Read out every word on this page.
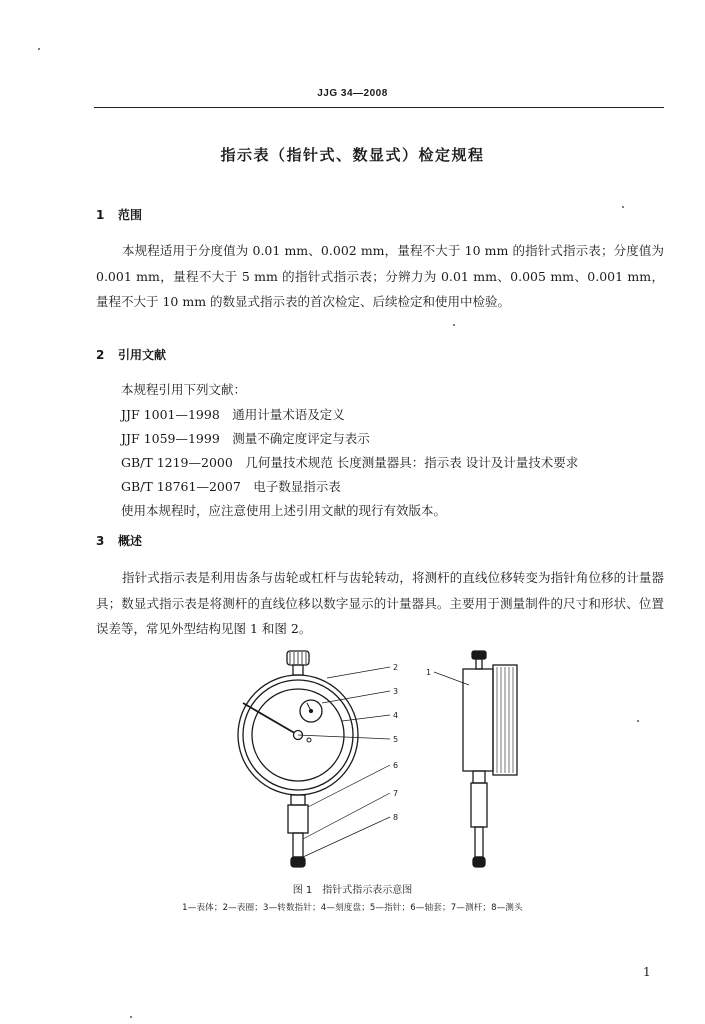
JJG 34—2008
指示表（指针式、数显式）检定规程
1 范围

本规程适用于分度值为 0.01 mm、0.002 mm，量程不大于 10 mm 的指针式指示表；分度值为 0.001 mm，量程不大于 5 mm 的指针式指示表；分辨力为 0.01 mm、0.005 mm、0.001 mm，量程不大于 10 mm 的数显式指示表的首次检定、后续检定和使用中检验。

2 引用文献
本规程引用下列文献：
JJF 1001—1998　通用计量术语及定义
JJF 1059—1999　测量不确定度评定与表示
GB/T 1219—2000　几何量技术规范 长度测量器具：指示表 设计及计量技术要求
GB/T 18761—2007　电子数显指示表
使用本规程时，应注意使用上述引用文献的现行有效版本。
3 概述

指针式指示表是利用齿条与齿轮或杠杆与齿轮转动，将测杆的直线位移转变为指针角位移的计量器具；数显式指示表是将测杆的直线位移以数字显示的计量器具。主要用于测量制件的尺寸和形状、位置误差等，常见外型结构见图 1 和图 2。

2
3
4
5
6
7
8
1
图 1　指针式指示表示意图
1—表体；2—表圈；3—转数指针；4—刻度盘；5—指针；6—轴套；7—测杆；8—测头
1
